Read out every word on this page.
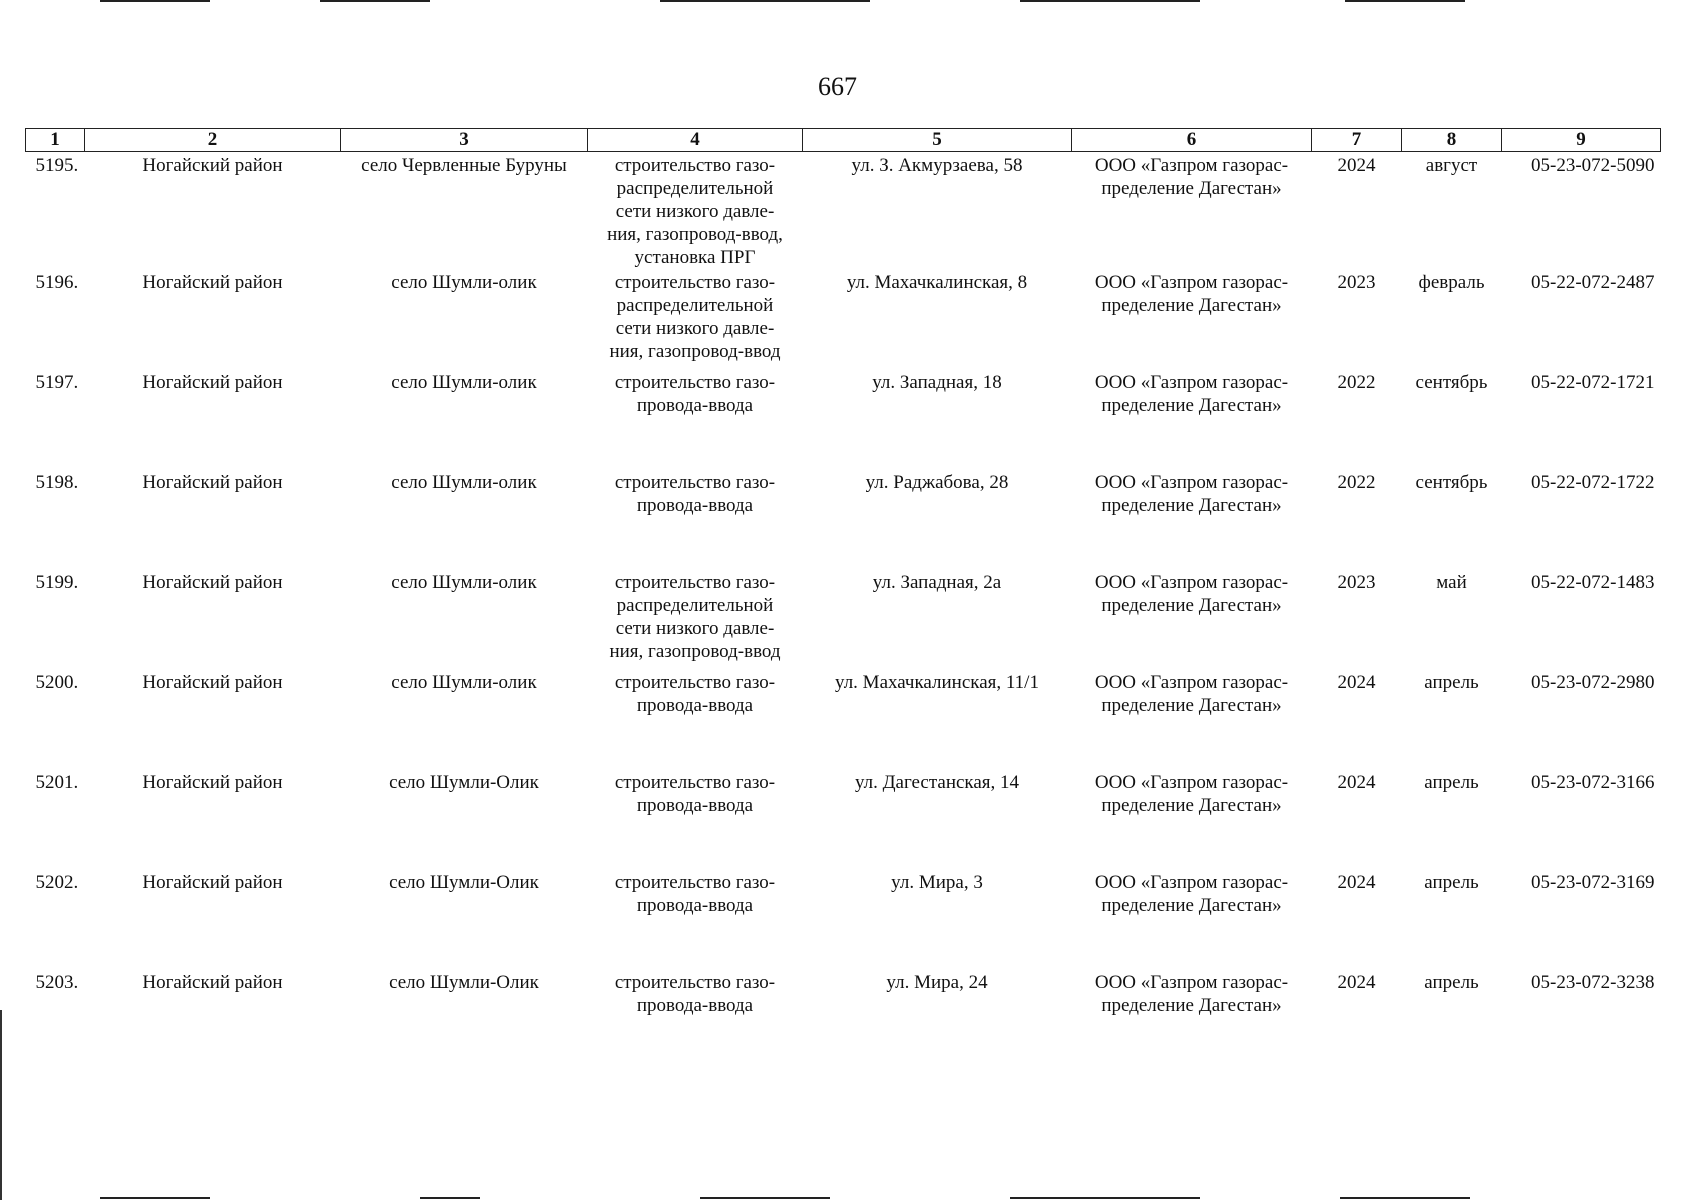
667
1	2	3	4	5	6	7	8	9
5195.	Ногайский район	село Червленные Буруны	строительство газо-
распределительной
сети низкого давле-
ния, газопровод-ввод,
установка ПРГ	ул. З. Акмурзаева, 58	ООО «Газпром газорас-
пределение Дагестан»	2024	август	05-23-072-5090
5196.	Ногайский район	село Шумли-олик	строительство газо-
распределительной
сети низкого давле-
ния, газопровод-ввод	ул. Махачкалинская, 8	ООО «Газпром газорас-
пределение Дагестан»	2023	февраль	05-22-072-2487
5197.	Ногайский район	село Шумли-олик	строительство газо-
провода-ввода	ул. Западная, 18	ООО «Газпром газорас-
пределение Дагестан»	2022	сентябрь	05-22-072-1721
5198.	Ногайский район	село Шумли-олик	строительство газо-
провода-ввода	ул. Раджабова, 28	ООО «Газпром газорас-
пределение Дагестан»	2022	сентябрь	05-22-072-1722
5199.	Ногайский район	село Шумли-олик	строительство газо-
распределительной
сети низкого давле-
ния, газопровод-ввод	ул. Западная, 2а	ООО «Газпром газорас-
пределение Дагестан»	2023	май	05-22-072-1483
5200.	Ногайский район	село Шумли-олик	строительство газо-
провода-ввода	ул. Махачкалинская, 11/1	ООО «Газпром газорас-
пределение Дагестан»	2024	апрель	05-23-072-2980
5201.	Ногайский район	село Шумли-Олик	строительство газо-
провода-ввода	ул. Дагестанская, 14	ООО «Газпром газорас-
пределение Дагестан»	2024	апрель	05-23-072-3166
5202.	Ногайский район	село Шумли-Олик	строительство газо-
провода-ввода	ул. Мира, 3	ООО «Газпром газорас-
пределение Дагестан»	2024	апрель	05-23-072-3169
5203.	Ногайский район	село Шумли-Олик	строительство газо-
провода-ввода	ул. Мира, 24	ООО «Газпром газорас-
пределение Дагестан»	2024	апрель	05-23-072-3238
